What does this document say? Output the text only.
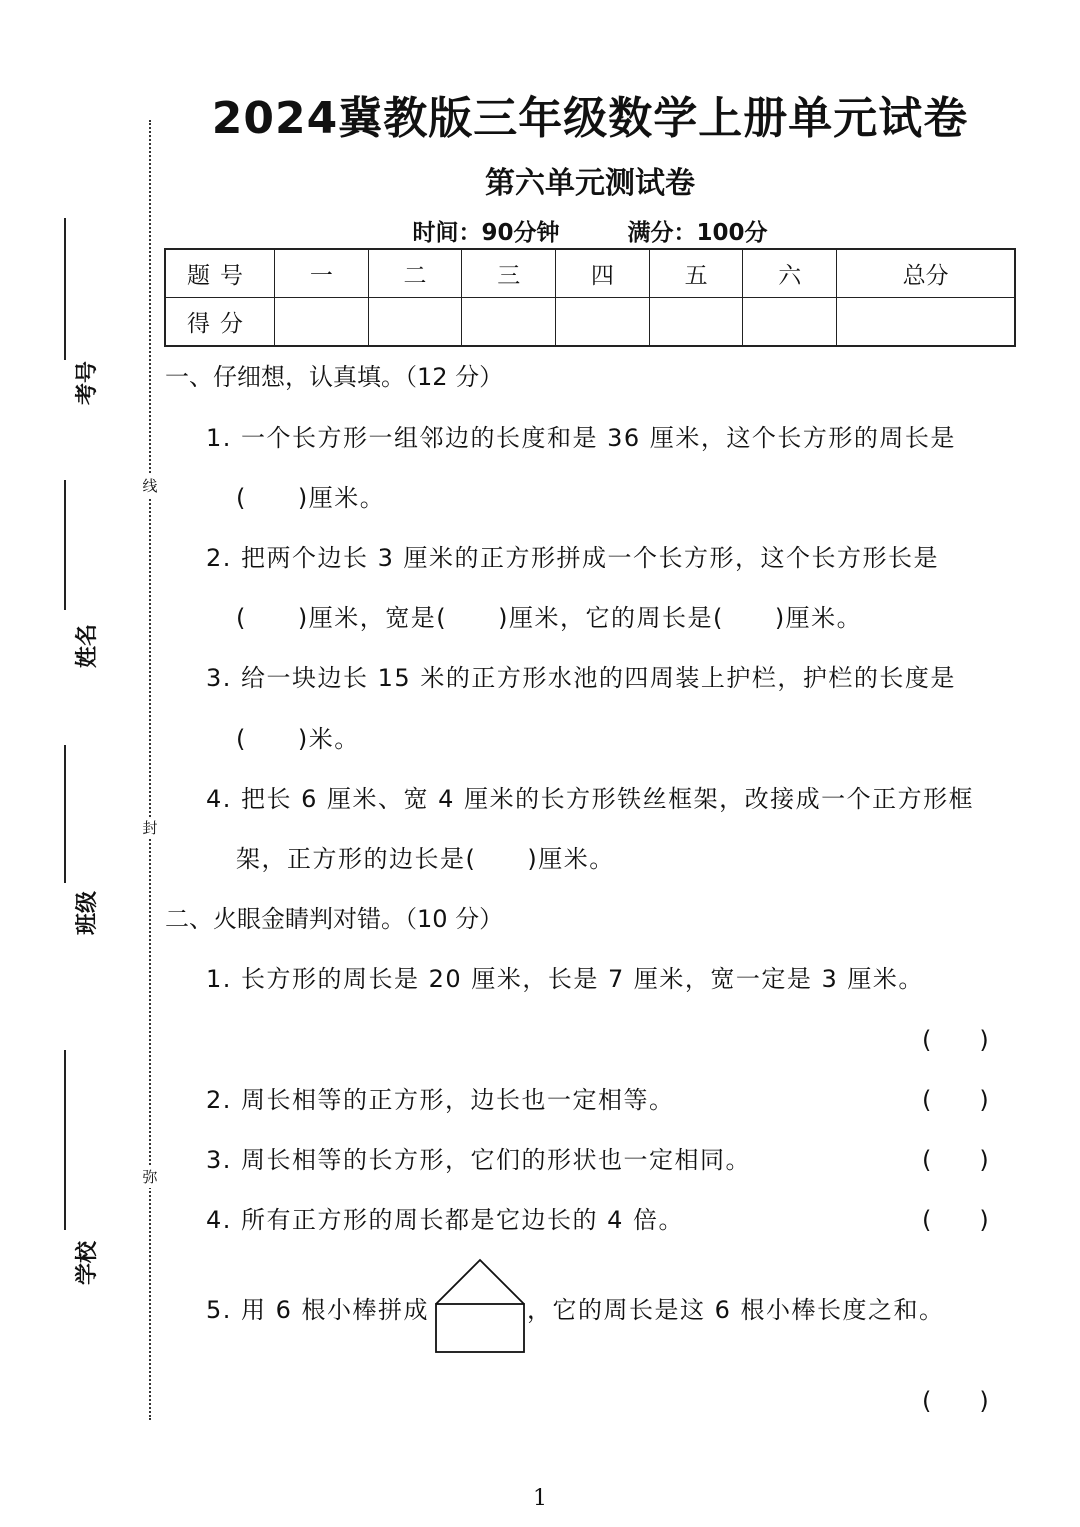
线
封
弥
考号
姓名
班级
学校
2024冀教版三年级数学上册单元试卷
第六单元测试卷
时间：90分钟	满分：100分
题号	一	二	三	四	五	六	总分
得分							
一、仔细想，认真填。（12 分）
1. 一个长方形一组邻边的长度和是 36 厘米，这个长方形的周长是
(　　)厘米。
2. 把两个边长 3 厘米的正方形拼成一个长方形，这个长方形长是
(　　)厘米，宽是(　　)厘米，它的周长是(　　)厘米。
3. 给一块边长 15 米的正方形水池的四周装上护栏，护栏的长度是
(　　)米。
4. 把长 6 厘米、宽 4 厘米的长方形铁丝框架，改接成一个正方形框
架，正方形的边长是(　　)厘米。
二、火眼金睛判对错。（10 分）
1. 长方形的周长是 20 厘米，长是 7 厘米，宽一定是 3 厘米。
(　　)
2. 周长相等的正方形，边长也一定相等。	(　　)
3. 周长相等的长方形，它们的形状也一定相同。	(　　)
4. 所有正方形的周长都是它边长的 4 倍。	(　　)
5. 用 6 根小棒拼成	，它的周长是这 6 根小棒长度之和。
(　　)
1
